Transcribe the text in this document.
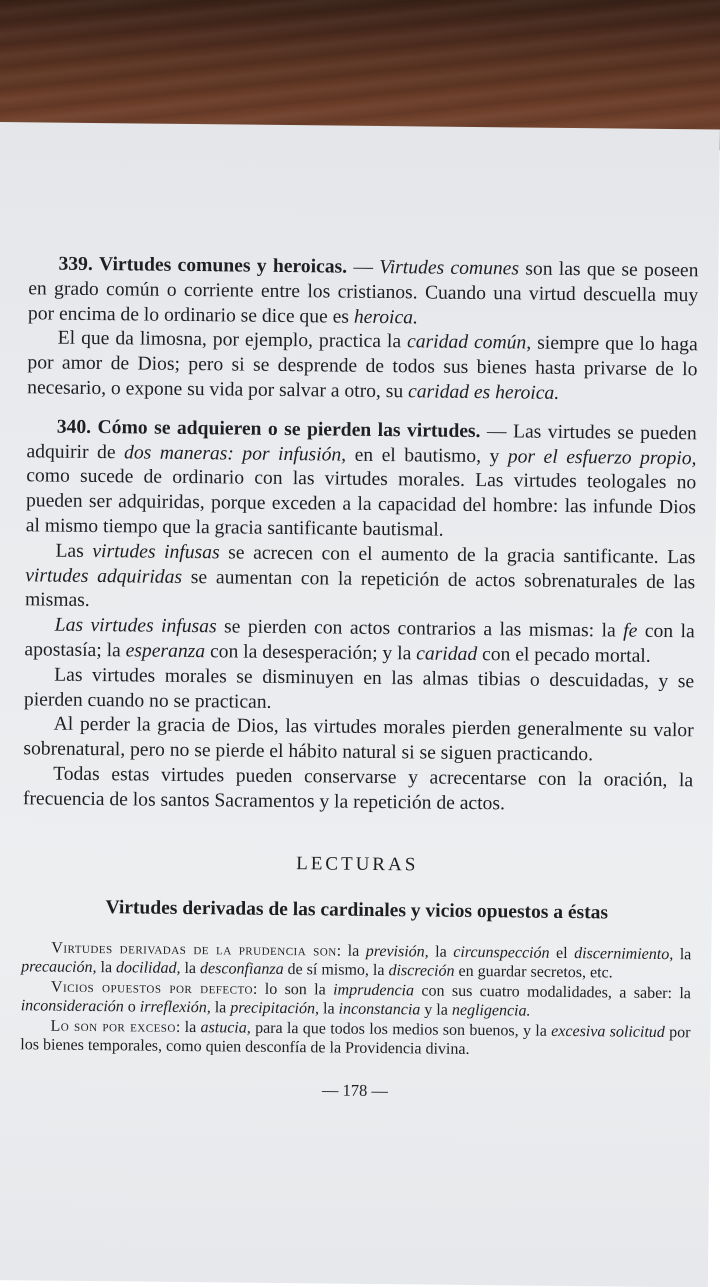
339. Virtudes comunes y heroicas. — Virtudes comunes son las que se poseen en grado común o corriente entre los cristianos. Cuando una virtud descuella muy por encima de lo ordinario se dice que es heroica.

El que da limosna, por ejemplo, practica la caridad común, siempre que lo haga por amor de Dios; pero si se desprende de todos sus bienes hasta privarse de lo necesario, o expone su vida por salvar a otro, su caridad es heroica.

340. Cómo se adquieren o se pierden las virtudes. — Las virtudes se pueden adquirir de dos maneras: por infusión, en el bautismo, y por el esfuerzo propio, como sucede de ordinario con las virtudes morales. Las virtudes teologales no pueden ser adquiridas, porque exceden a la capacidad del hombre: las infunde Dios al mismo tiempo que la gracia santificante bautismal.

Las virtudes infusas se acrecen con el aumento de la gracia santificante. Las virtudes adquiridas se aumentan con la repetición de actos sobrenaturales de las mismas.

Las virtudes infusas se pierden con actos contrarios a las mismas: la fe con la apostasía; la esperanza con la desesperación; y la caridad con el pecado mortal.

Las virtudes morales se disminuyen en las almas tibias o descuidadas, y se pierden cuando no se practican.

Al perder la gracia de Dios, las virtudes morales pierden generalmente su valor sobrenatural, pero no se pierde el hábito natural si se siguen practicando.

Todas estas virtudes pueden conservarse y acrecentarse con la oración, la frecuencia de los santos Sacramentos y la repetición de actos.

LECTURAS
Virtudes derivadas de las cardinales y vicios opuestos a éstas

Virtudes derivadas de la prudencia son: la previsión, la circunspección el discernimiento, la precaución, la docilidad, la desconfianza de sí mismo, la discreción en guardar secretos, etc.

Vicios opuestos por defecto: lo son la imprudencia con sus cuatro modalidades, a saber: la inconsideración o irreflexión, la precipitación, la inconstancia y la negligencia.

Lo son por exceso: la astucia, para la que todos los medios son buenos, y la excesiva solicitud por los bienes temporales, como quien desconfía de la Providencia divina.

— 178 —
